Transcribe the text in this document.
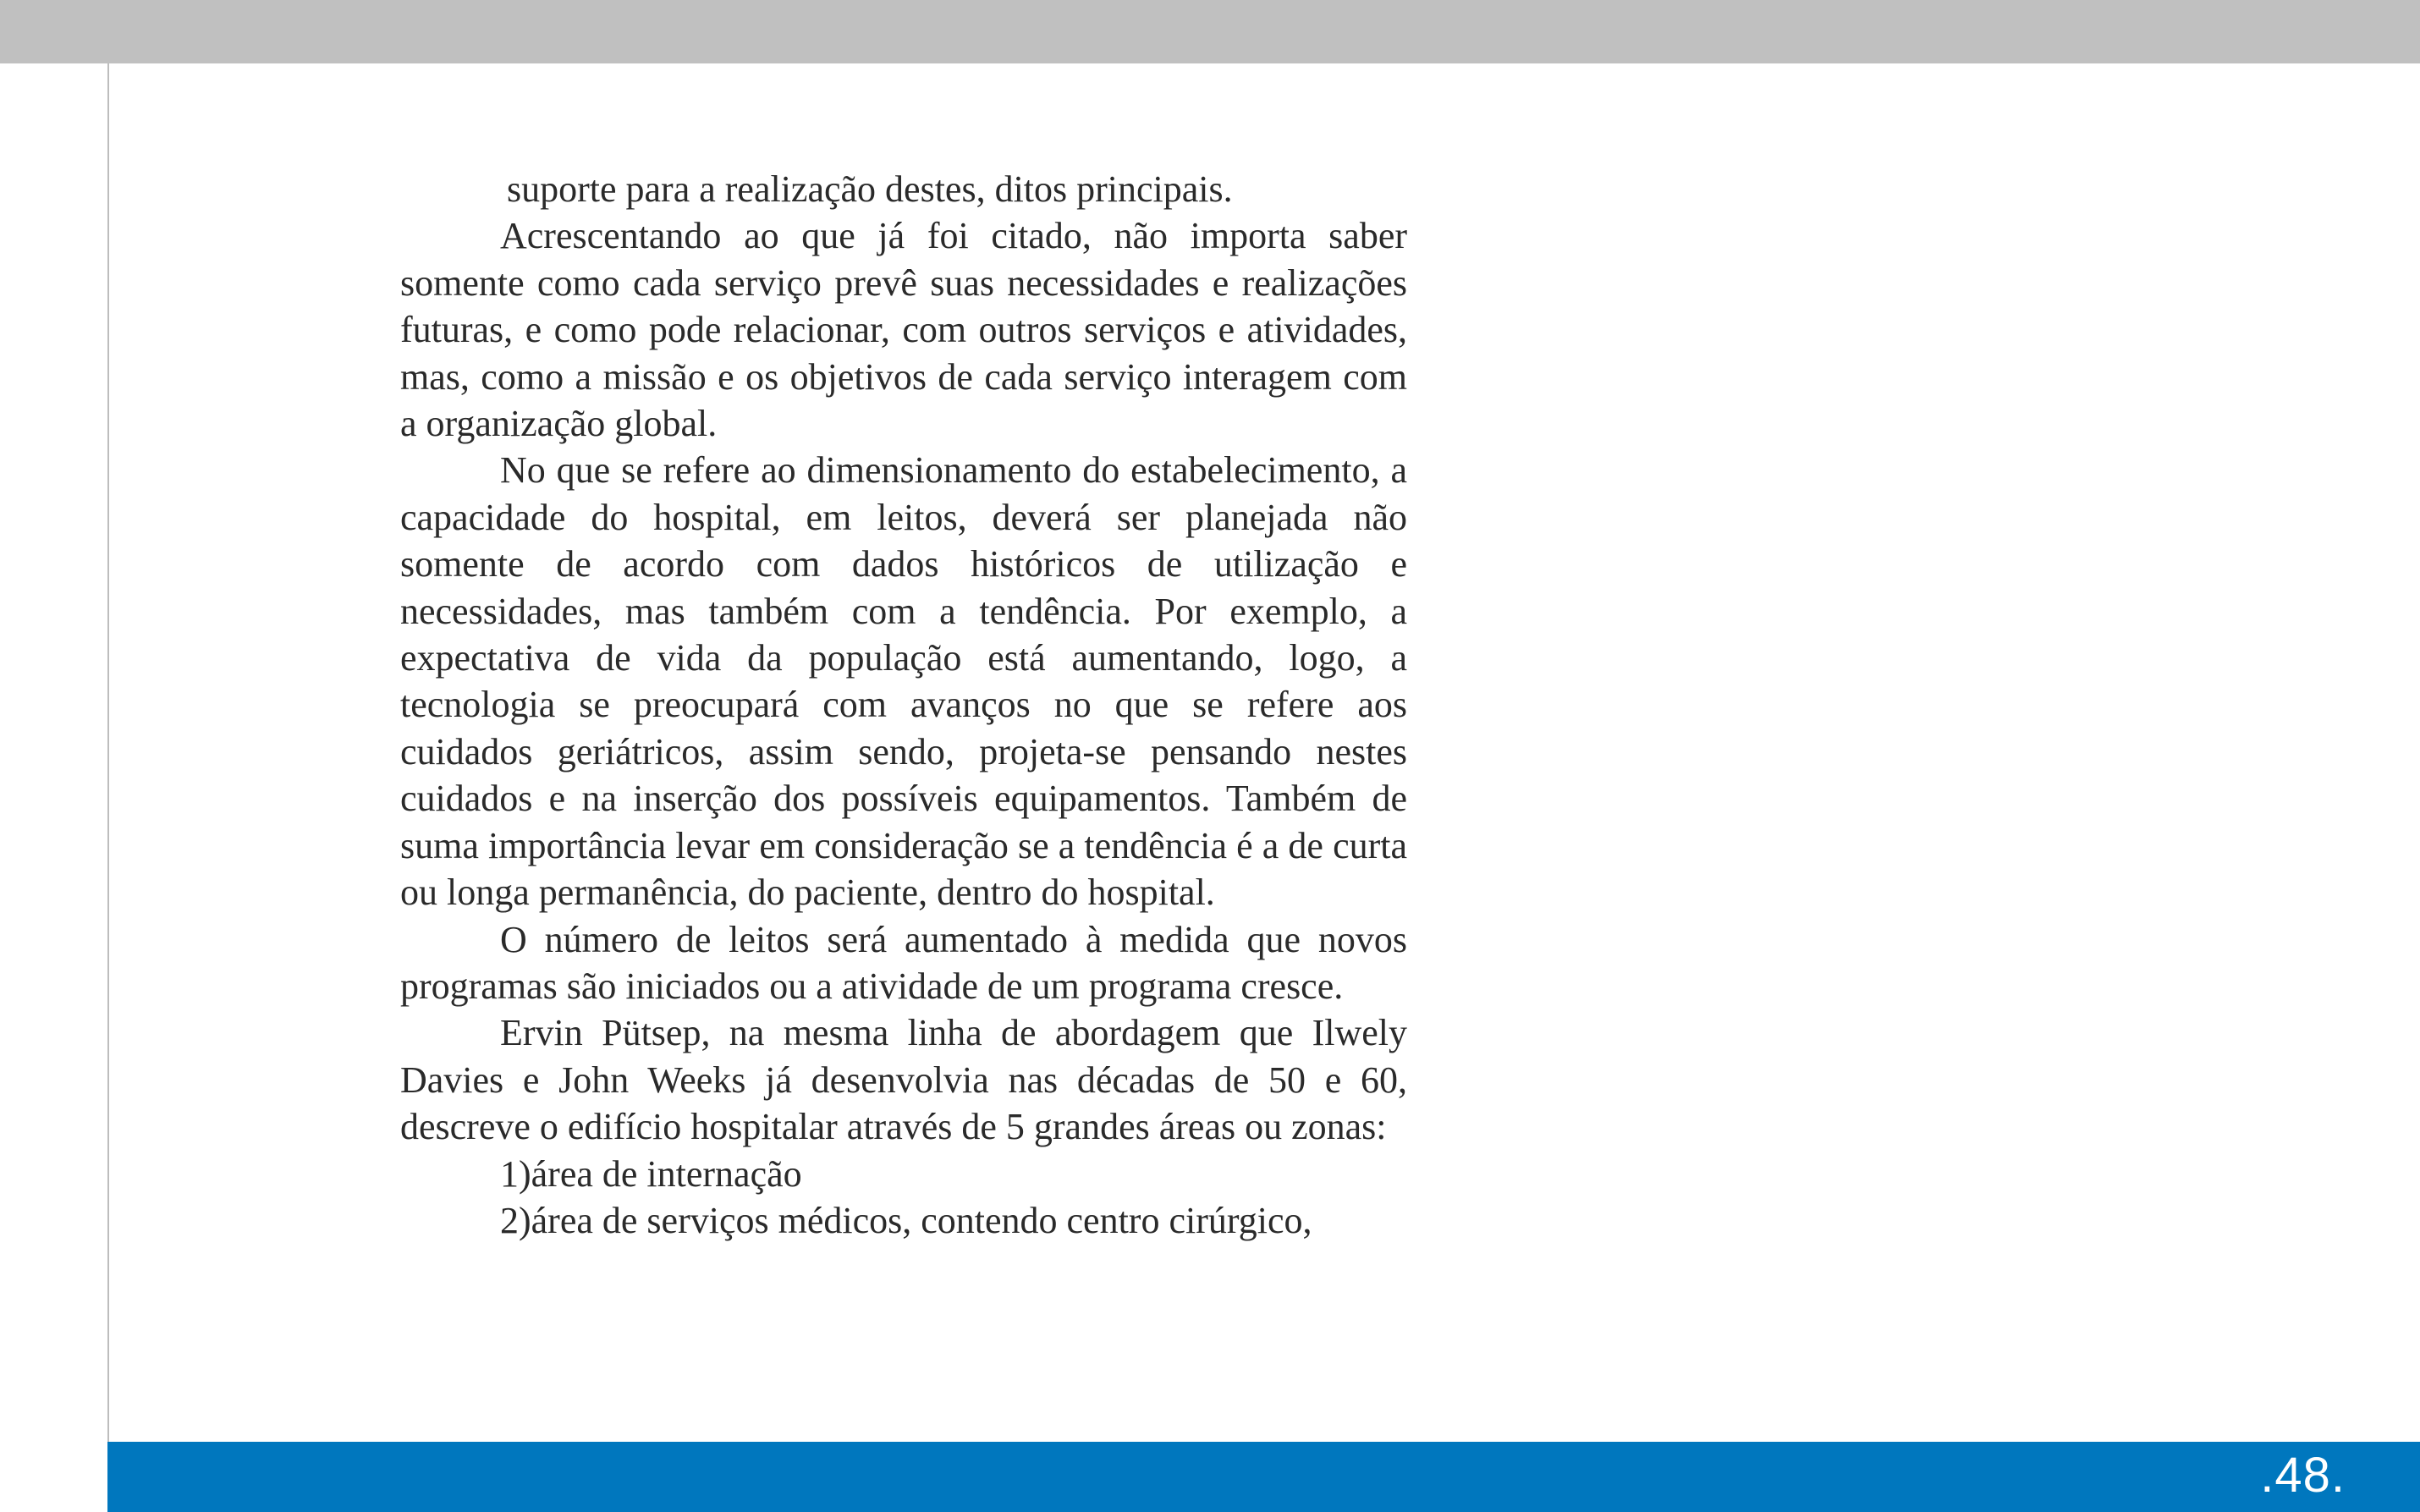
suporte para a realização destes, ditos principais.

Acrescentando ao que já foi citado, não importa saber somente como cada serviço prevê suas necessidades e realizações futuras, e como pode relacionar, com outros serviços e atividades, mas, como a missão e os objetivos de cada serviço interagem com a organização global.

No que se refere ao dimensionamento do estabelecimento, a capacidade do hospital, em leitos, deverá ser planejada não somente de acordo com dados históricos de utilização e necessidades, mas também com a tendência. Por exemplo, a expectativa de vida da população está aumentando, logo, a tecnologia se preocupará com avanços no que se refere aos cuidados geriátricos, assim sendo, projeta-se pensando nestes cuidados e na inserção dos possíveis equipamentos. Também de suma importância levar em consideração se a tendência é a de curta ou longa permanência, do paciente, dentro do hospital.

O número de leitos será aumentado à medida que novos programas são iniciados ou a atividade de um programa cresce.

Ervin Pütsep, na mesma linha de abordagem que Ilwely Davies e John Weeks já desenvolvia nas décadas de 50 e 60, descreve o edifício hospitalar através de 5 grandes áreas ou zonas:

1)área de internação

2)área de serviços médicos, contendo centro cirúrgico,

.48.
